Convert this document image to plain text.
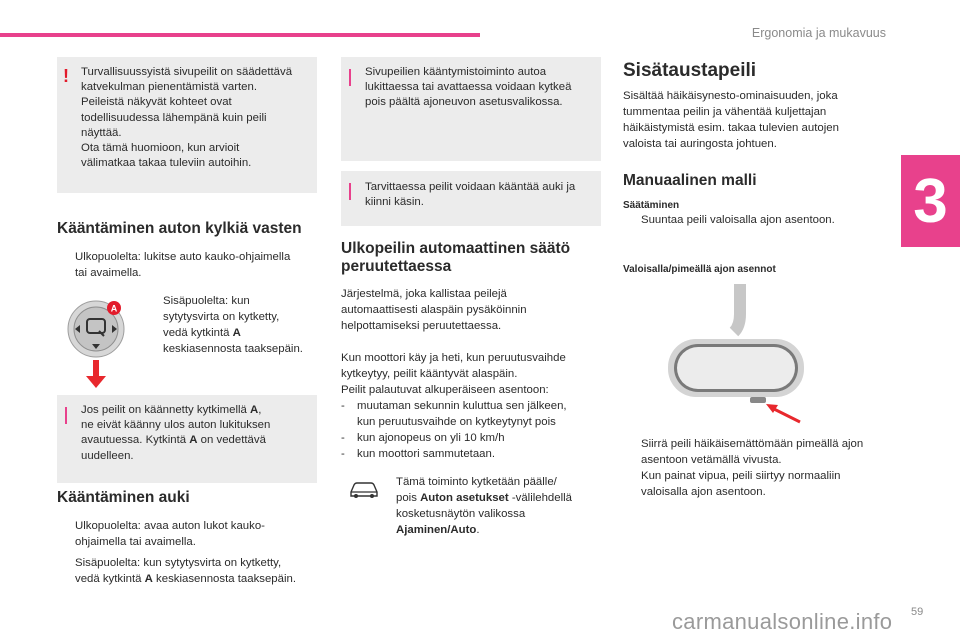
Ergonomia ja mukavuus
3
! Turvallisuussyistä sivupeilit on säädettävä
katvekulman pienentämistä varten.
Peileistä näkyvät kohteet ovat
todellisuudessa lähempänä kuin peili
näyttää.
Ota tämä huomioon, kun arvioit
välimatkaa takaa tuleviin autoihin.
Kääntäminen auton kylkiä vasten
Ulkopuolelta: lukitse auto kauko-ohjaimella
tai avaimella.
A
Sisäpuolelta: kun
sytytysvirta on kytketty,
vedä kytkintä A
keskiasennosta taaksepäin.
Jos peilit on käännetty kytkimellä A,
ne eivät käänny ulos auton lukituksen
avautuessa. Kytkintä A on vedettävä
uudelleen.
Kääntäminen auki
Ulkopuolelta: avaa auton lukot kauko-
ohjaimella tai avaimella.
Sisäpuolelta: kun sytytysvirta on kytketty,
vedä kytkintä A keskiasennosta taaksepäin.
Sivupeilien kääntymistoiminto autoa
lukittaessa tai avattaessa voidaan kytkeä
pois päältä ajoneuvon asetusvalikossa.
Tarvittaessa peilit voidaan kääntää auki ja
kiinni käsin.
Ulkopeilin automaattinen säätö
peruutettaessa
Järjestelmä, joka kallistaa peilejä
automaattisesti alaspäin pysäköinnin
helpottamiseksi peruutettaessa.
Kun moottori käy ja heti, kun peruutusvaihde
kytkeytyy, peilit kääntyvät alaspäin.
Peilit palautuvat alkuperäiseen asentoon:
-	muutaman sekunnin kuluttua sen jälkeen,
kun peruutusvaihde on kytkeytynyt pois
-	kun ajonopeus on yli 10 km/h
-	kun moottori sammutetaan.
Tämä toiminto kytketään päälle/
pois Auton asetukset -välilehdellä
kosketusnäytön valikossa
Ajaminen/Auto.
Sisätaustapeili
Sisältää häikäisynesto-ominaisuuden, joka
tummentaa peilin ja vähentää kuljettajan
häikäistymistä esim. takaa tulevien autojen
valoista tai auringosta johtuen.
Manuaalinen malli
Säätäminen
Suuntaa peili valoisalla ajon asentoon.
Valoisalla/pimeällä ajon asennot
Siirrä peili häikäisemättömään pimeällä ajon
asentoon vetämällä vivusta.
Kun painat vipua, peili siirtyy normaaliin
valoisalla ajon asentoon.
59
carmanualsonline.info
